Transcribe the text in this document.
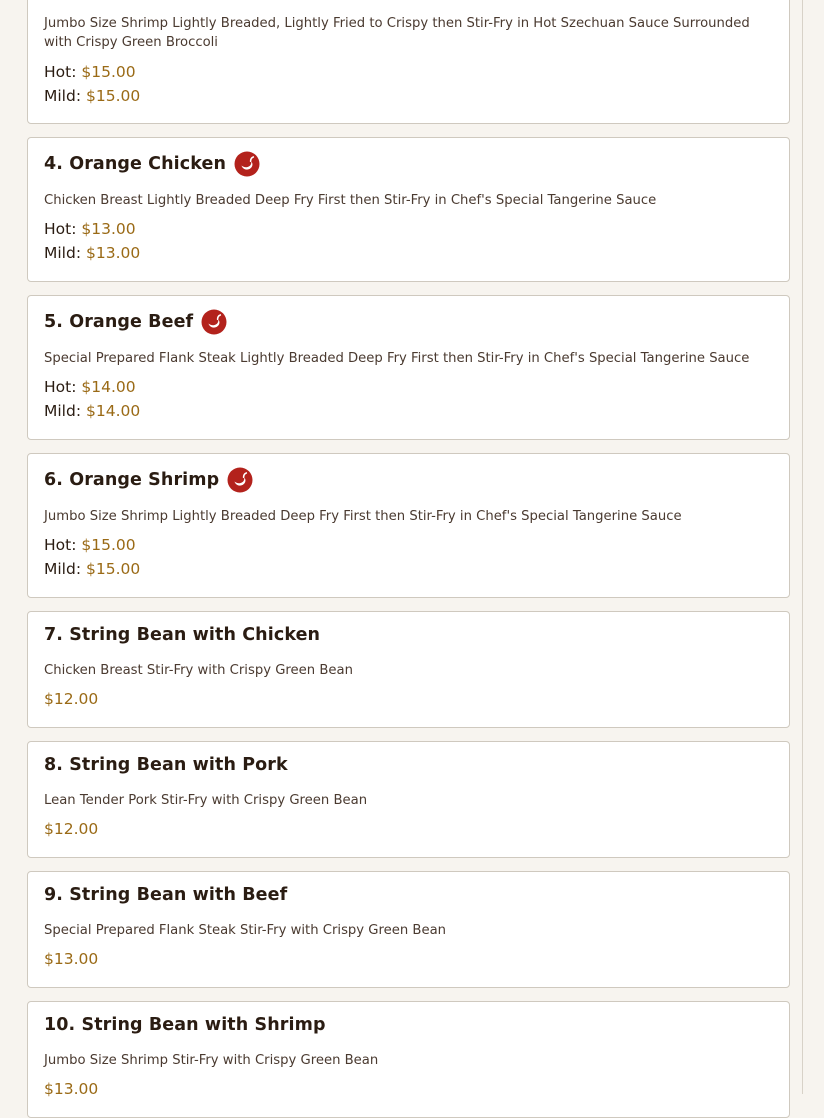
Jumbo Size Shrimp Lightly Breaded, Lightly Fried to Crispy then Stir-Fry in Hot Szechuan Sauce Surrounded with Crispy Green Broccoli
Hot: $15.00
Mild: $15.00
4. Orange Chicken
Chicken Breast Lightly Breaded Deep Fry First then Stir-Fry in Chef's Special Tangerine Sauce
Hot: $13.00
Mild: $13.00
5. Orange Beef
Special Prepared Flank Steak Lightly Breaded Deep Fry First then Stir-Fry in Chef's Special Tangerine Sauce
Hot: $14.00
Mild: $14.00
6. Orange Shrimp
Jumbo Size Shrimp Lightly Breaded Deep Fry First then Stir-Fry in Chef's Special Tangerine Sauce
Hot: $15.00
Mild: $15.00
7. String Bean with Chicken
Chicken Breast Stir-Fry with Crispy Green Bean
$12.00
8. String Bean with Pork
Lean Tender Pork Stir-Fry with Crispy Green Bean
$12.00
9. String Bean with Beef
Special Prepared Flank Steak Stir-Fry with Crispy Green Bean
$13.00
10. String Bean with Shrimp
Jumbo Size Shrimp Stir-Fry with Crispy Green Bean
$13.00
